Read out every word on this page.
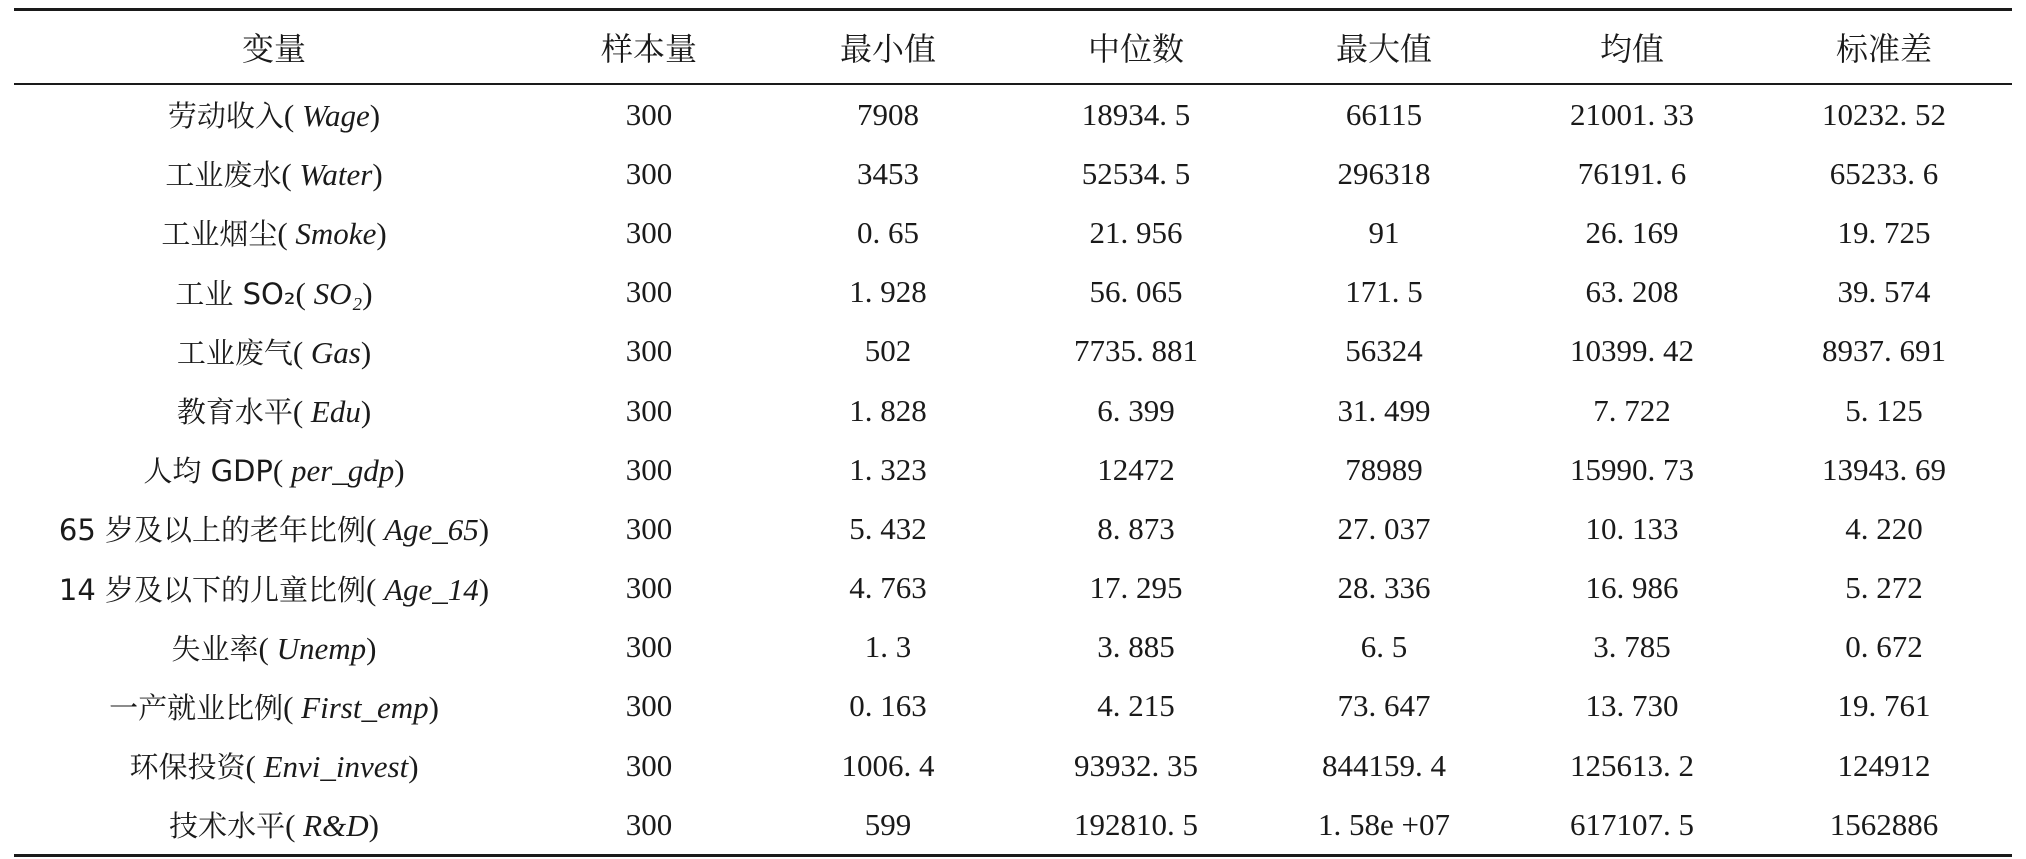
变量	样本量	最小值	中位数	最大值	均值	标准差
劳动收入( Wage)	300	7908	18934. 5	66115	21001. 33	10232. 52
工业废水( Water)	300	3453	52534. 5	296318	76191. 6	65233. 6
工业烟尘( Smoke)	300	0. 65	21. 956	91	26. 169	19. 725
工业 SO₂( SO₂)	300	1. 928	56. 065	171. 5	63. 208	39. 574
工业废气( Gas)	300	502	7735. 881	56324	10399. 42	8937. 691
教育水平( Edu)	300	1. 828	6. 399	31. 499	7. 722	5. 125
人均 GDP( per_gdp)	300	1. 323	12472	78989	15990. 73	13943. 69
65 岁及以上的老年比例( Age_65)	300	5. 432	8. 873	27. 037	10. 133	4. 220
14 岁及以下的儿童比例( Age_14)	300	4. 763	17. 295	28. 336	16. 986	5. 272
失业率( Unemp)	300	1. 3	3. 885	6. 5	3. 785	0. 672
一产就业比例( First_emp)	300	0. 163	4. 215	73. 647	13. 730	19. 761
环保投资( Envi_invest)	300	1006. 4	93932. 35	844159. 4	125613. 2	124912
技术水平( R&D)	300	599	192810. 5	1. 58e +07	617107. 5	1562886
